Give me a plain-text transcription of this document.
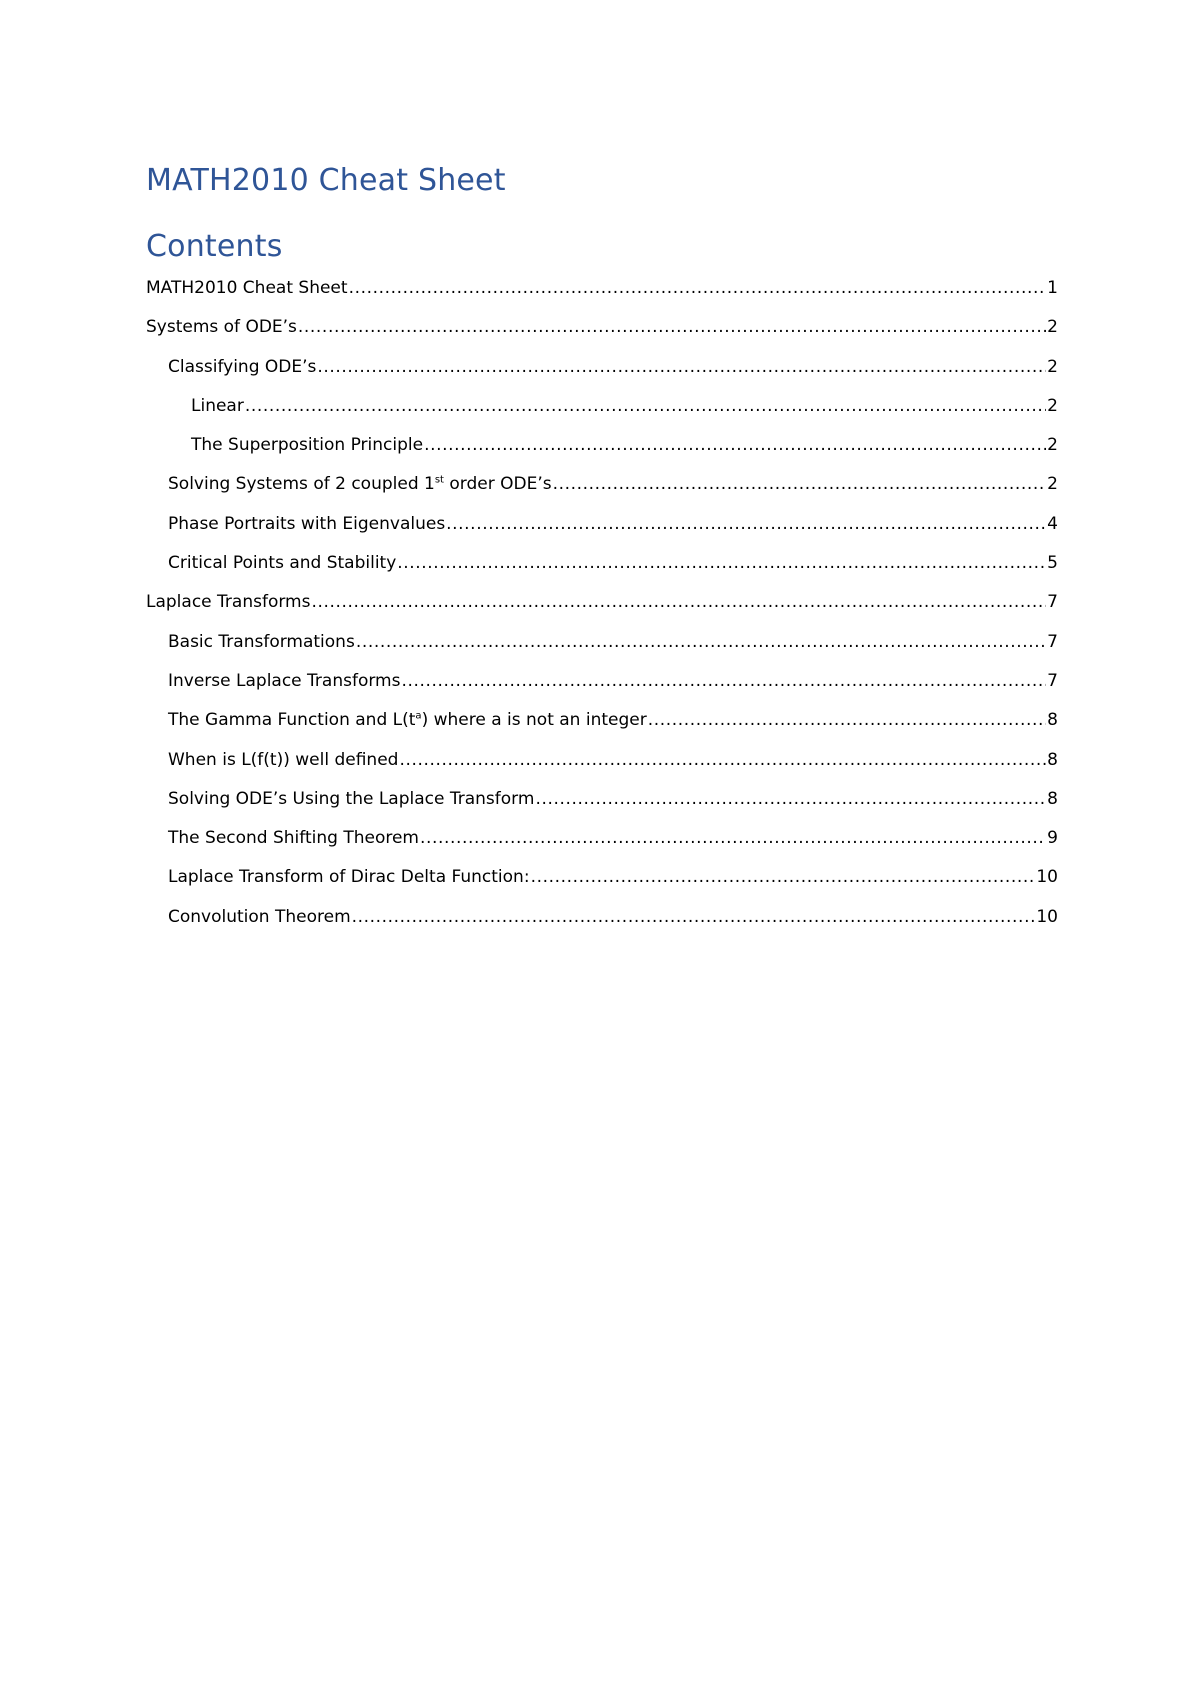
MATH2010 Cheat Sheet
Contents
MATH2010 Cheat Sheet .....	1
Systems of ODE’s .....	2
Classifying ODE’s .....	2
Linear .....	2
The Superposition Principle .....	2
Solving Systems of 2 coupled 1st order ODE’s .....	2
Phase Portraits with Eigenvalues .....	4
Critical Points and Stability .....	5
Laplace Transforms .....	7
Basic Transformations .....	7
Inverse Laplace Transforms .....	7
The Gamma Function and $L(t^a)$ where a is not an integer .....	8
When is L(f(t)) well defined .....	8
Solving ODE’s Using the Laplace Transform .....	8
The Second Shifting Theorem .....	9
Laplace Transform of Dirac Delta Function: .....	10
Convolution Theorem .....	10
